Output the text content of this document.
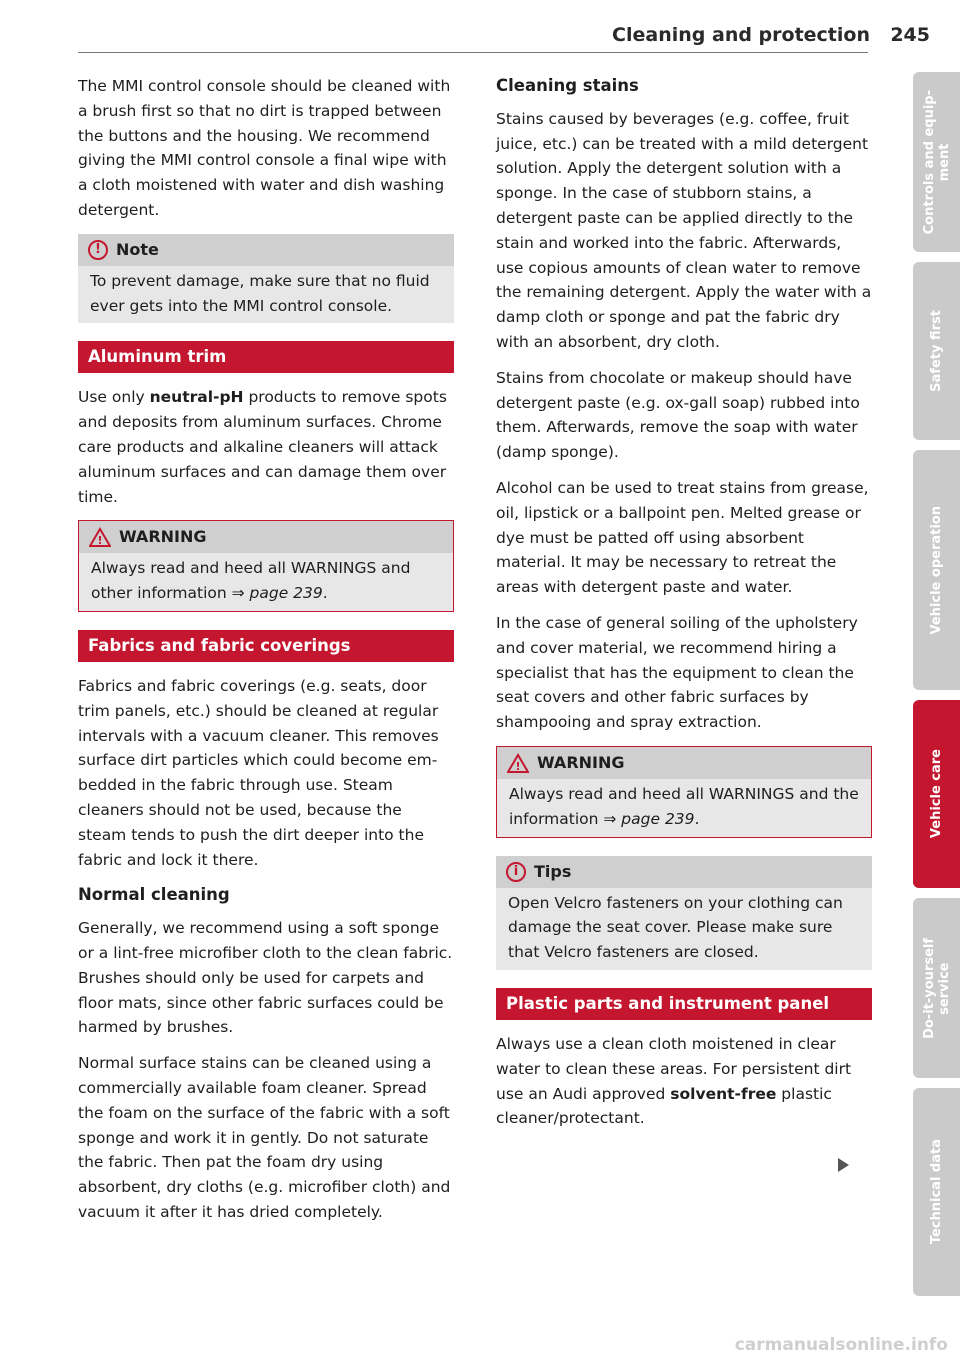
Cleaning and protection 245

The MMI control console should be cleaned with a brush first so that no dirt is trapped between the buttons and the housing. We recommend giving the MMI control console a final wipe with a cloth moistened with water and dish washing detergent.

! Note
To prevent damage, make sure that no fluid ever gets into the MMI control console.
Aluminum trim

Use only neutral-pH products to remove spots and deposits from aluminum surfaces. Chrome care products and alkaline cleaners will attack aluminum surfaces and can damage them over time.

! WARNING
Always read and heed all WARNINGS and other information ⇒ page 239.
Fabrics and fabric coverings

Fabrics and fabric coverings (e.g. seats, door trim panels, etc.) should be cleaned at regular intervals with a vacuum cleaner. This removes surface dirt particles which could become embedded in the fabric through use. Steam cleaners should not be used, because the steam tends to push the dirt deeper into the fabric and lock it there.

Normal cleaning

Generally, we recommend using a soft sponge or a lint-free microfiber cloth to the clean fabric. Brushes should only be used for carpets and floor mats, since other fabric surfaces could be harmed by brushes.

Normal surface stains can be cleaned using a commercially available foam cleaner. Spread the foam on the surface of the fabric with a soft sponge and work it in gently. Do not saturate the fabric. Then pat the foam dry using absorbent, dry cloths (e.g. microfiber cloth) and vacuum it after it has dried completely.

Cleaning stains

Stains caused by beverages (e.g. coffee, fruit juice, etc.) can be treated with a mild detergent solution. Apply the detergent solution with a sponge. In the case of stubborn stains, a detergent paste can be applied directly to the stain and worked into the fabric. Afterwards, use copious amounts of clean water to remove the remaining detergent. Apply the water with a damp cloth or sponge and pat the fabric dry with an absorbent, dry cloth.

Stains from chocolate or makeup should have detergent paste (e.g. ox-gall soap) rubbed into them. Afterwards, remove the soap with water (damp sponge).

Alcohol can be used to treat stains from grease, oil, lipstick or a ballpoint pen. Melted grease or dye must be patted off using absorbent material. It may be necessary to retreat the areas with detergent paste and water.

In the case of general soiling of the upholstery and cover material, we recommend hiring a specialist that has the equipment to clean the seat covers and other fabric surfaces by shampooing and spray extraction.

! WARNING
Always read and heed all WARNINGS and the information ⇒ page 239.
i Tips
Open Velcro fasteners on your clothing can damage the seat cover. Please make sure that Velcro fasteners are closed.
Plastic parts and instrument panel

Always use a clean cloth moistened in clear water to clean these areas. For persistent dirt use an Audi approved solvent-free plastic cleaner/protectant.

Controls and equip-
ment
Safety first
Vehicle operation
Vehicle care
Do-it-yourself
service
Technical data
carmanualsonline.info
